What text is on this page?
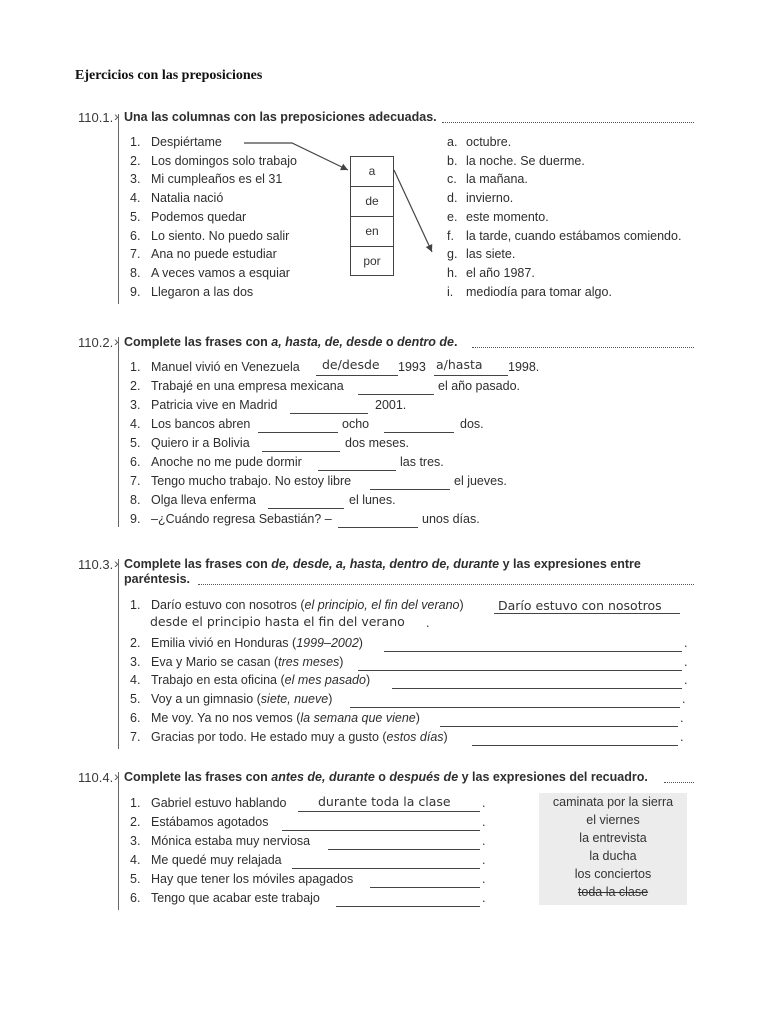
Ejercicios con las preposiciones
110.1. › Una las columnas con las preposiciones adecuadas.
1. Despiértame
2. Los domingos solo trabajo
3. Mi cumpleaños es el 31
4. Natalia nació
5. Podemos quedar
6. Lo siento. No puedo salir
7. Ana no puede estudiar
8. A veces vamos a esquiar
9. Llegaron a las dos
a. octubre.
b. la noche. Se duerme.
c. la mañana.
d. invierno.
e. este momento.
f. la tarde, cuando estábamos comiendo.
g. las siete.
h. el año 1987.
i. mediodía para tomar algo.
a
de
en
por
110.2. › Complete las frases con a, hasta, de, desde o dentro de.
1. Manuel vivió en Venezuela	1993	1998.
2. Trabajé en una empresa mexicana	el año pasado.
3. Patricia vive en Madrid	2001.
4. Los bancos abren	ocho	dos.
5. Quiero ir a Bolivia	dos meses.
6. Anoche no me pude dormir	las tres.
7. Tengo mucho trabajo. No estoy libre	el jueves.
8. Olga lleva enferma	el lunes.
9. –¿Cuándo regresa Sebastián? –	unos días.
de/desde	a/hasta
110.3. › Complete las frases con de, desde, a, hasta, dentro de, durante y las expresiones entre
paréntesis.
1. Darío estuvo con nosotros (el principio, el fin del verano)
2. Emilia vivió en Honduras (1999–2002)	.
3. Eva y Mario se casan (tres meses)	.
4. Trabajo en esta oficina (el mes pasado)	.
5. Voy a un gimnasio (siete, nueve)	.
6. Me voy. Ya no nos vemos (la semana que viene)	.
7. Gracias por todo. He estado muy a gusto (estos días)	.
Darío estuvo con nosotros
desde el principio hasta el fin del verano .
110.4. › Complete las frases con antes de, durante o después de y las expresiones del recuadro.
1. Gabriel estuvo hablando	.
2. Estábamos agotados	.
3. Mónica estaba muy nerviosa	.
4. Me quedé muy relajada	.
5. Hay que tener los móviles apagados	.
6. Tengo que acabar este trabajo	.
durante toda la clase	caminata por la sierra
el viernes
la entrevista
la ducha
los conciertos
toda la clase
